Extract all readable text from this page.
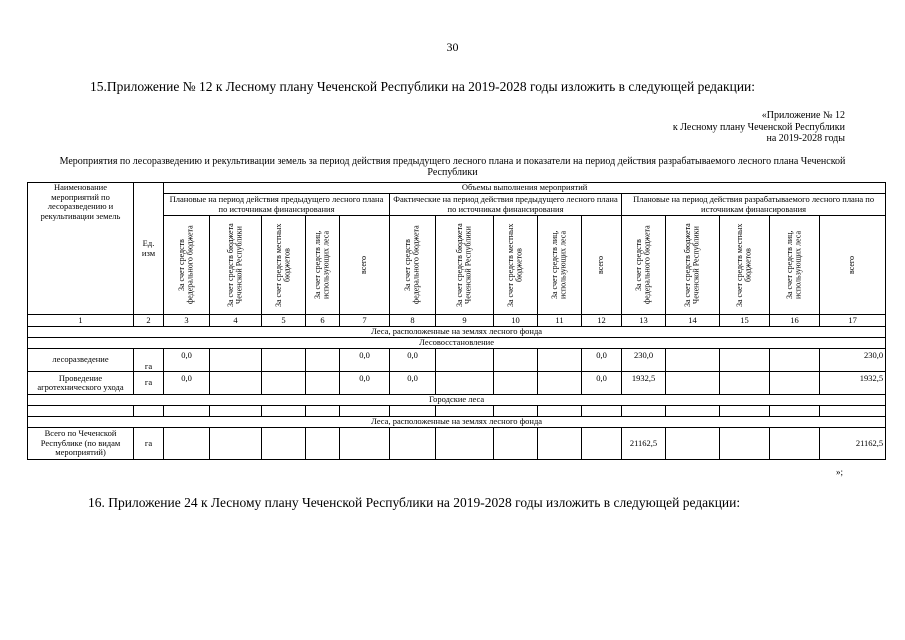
30
15.Приложение № 12 к Лесному плану Чеченской Республики на 2019-2028 годы изложить в следующей редакции:
«Приложение № 12
к Лесному плану Чеченской Республики
на 2019-2028 годы
Мероприятия по лесоразведению и рекультивации земель за период действия предыдущего лесного плана и показатели на период действия разрабатываемого лесного плана Чеченской Республики
Наименование мероприятий по лесоразведению и рекультивации земель	Ед. изм	Объемы выполнения мероприятий														
		Плановые на период действия предыдущего лесного плана по источникам финансирования					Фактические на период действия предыдущего лесного плана по источникам финансирования					Плановые на период действия разрабатываемого лесного плана по источникам финансирования				

		За счет средств федерального бюджета	За счет средств бюджета Чеченской Республики	За счет средств местных бюджетов	За счет средств лиц, использующих леса	всего	За счет средств федерального бюджета	За счет средств бюджета Чеченской Республики	За счет средств местных бюджетов	За счет средств лиц, использующих леса	всего	За счет средств федерального бюджета	За счет средств бюджета Чеченской Республики	За счет средств местных бюджетов	За счет средств лиц, использующих леса	всего

1	2	3	4	5	6	7	8	9	10	11	12	13	14	15	16	17
Леса, расположенные на землях лесного фонда																
Лесовосстановление																
лесоразведение	га	0,0				0,0	0,0				0,0	230,0				230,0
Проведение агротехнического ухода	га	0,0				0,0	0,0				0,0	1932,5				1932,5
Городские леса																

Леса, расположенные на землях лесного фонда																
Всего по Чеченской Республике (по видам мероприятий)	га											21162,5				21162,5
»;
16. Приложение 24 к Лесному плану Чеченской Республики на 2019-2028 годы изложить в следующей редакции:
